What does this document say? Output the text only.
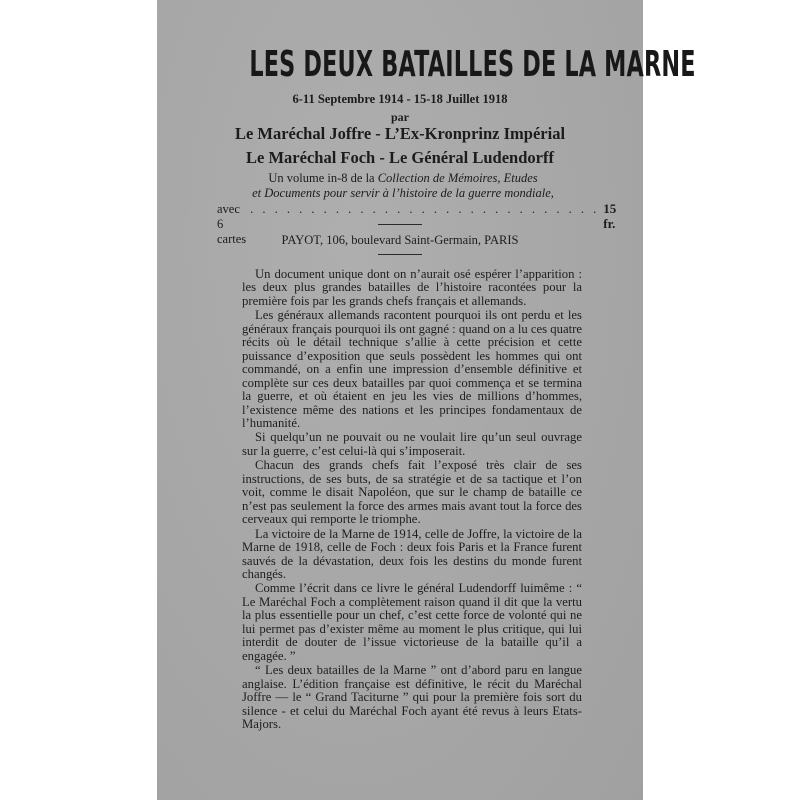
LES DEUX BATAILLES DE LA MARNE
6-11 Septembre 1914 - 15-18 Juillet 1918
par
Le Maréchal Joffre - L’Ex-Kronprinz Impérial
Le Maréchal Foch - Le Général Ludendorff
Un volume in-8 de la Collection de Mémoires, Etudes
et Documents pour servir à l’histoire de la guerre mondiale,
avec 6 cartes
. . . . . . . . . . . . . . . . . . . . . . . . . . . . . 15 fr.
PAYOT, 106, boulevard Saint-Germain, PARIS

Un document unique dont on n’aurait osé espérer l’apparition : les deux plus grandes batailles de l’histoire racontées pour la première fois par les grands chefs français et allemands.

Les généraux allemands racontent pourquoi ils ont perdu et les généraux français pourquoi ils ont gagné : quand on a lu ces quatre récits où le détail technique s’allie à cette précision et cette puissance d’exposition que seuls possèdent les hommes qui ont commandé, on a enfin une impression d’ensemble définitive et complète sur ces deux batailles par quoi commença et se termina la guerre, et où étaient en jeu les vies de millions d’hommes, l’existence même des nations et les principes fondamentaux de l’humanité.

Si quelqu’un ne pouvait ou ne voulait lire qu’un seul ouvrage sur la guerre, c’est celui-là qui s’imposerait.

Chacun des grands chefs fait l’exposé très clair de ses instructions, de ses buts, de sa stratégie et de sa tactique et l’on voit, comme le disait Napoléon, que sur le champ de bataille ce n’est pas seulement la force des armes mais avant tout la force des cerveaux qui remporte le triomphe.

La victoire de la Marne de 1914, celle de Joffre, la victoire de la Marne de 1918, celle de Foch : deux fois Paris et la France furent sauvés de la dévastation, deux fois les destins du monde furent changés.

Comme l’écrit dans ce livre le général Ludendorff luimême : “ Le Maréchal Foch a complètement raison quand il dit que la vertu la plus essentielle pour un chef, c’est cette force de volonté qui ne lui permet pas d’exister même au moment le plus critique, qui lui interdit de douter de l’issue victorieuse de la bataille qu’il a engagée. ”

“ Les deux batailles de la Marne ” ont d’abord paru en langue anglaise. L’édition française est définitive, le récit du Maréchal Joffre — le “ Grand Taciturne ” qui pour la première fois sort du silence - et celui du Maréchal Foch ayant été revus à leurs Etats-Majors.
